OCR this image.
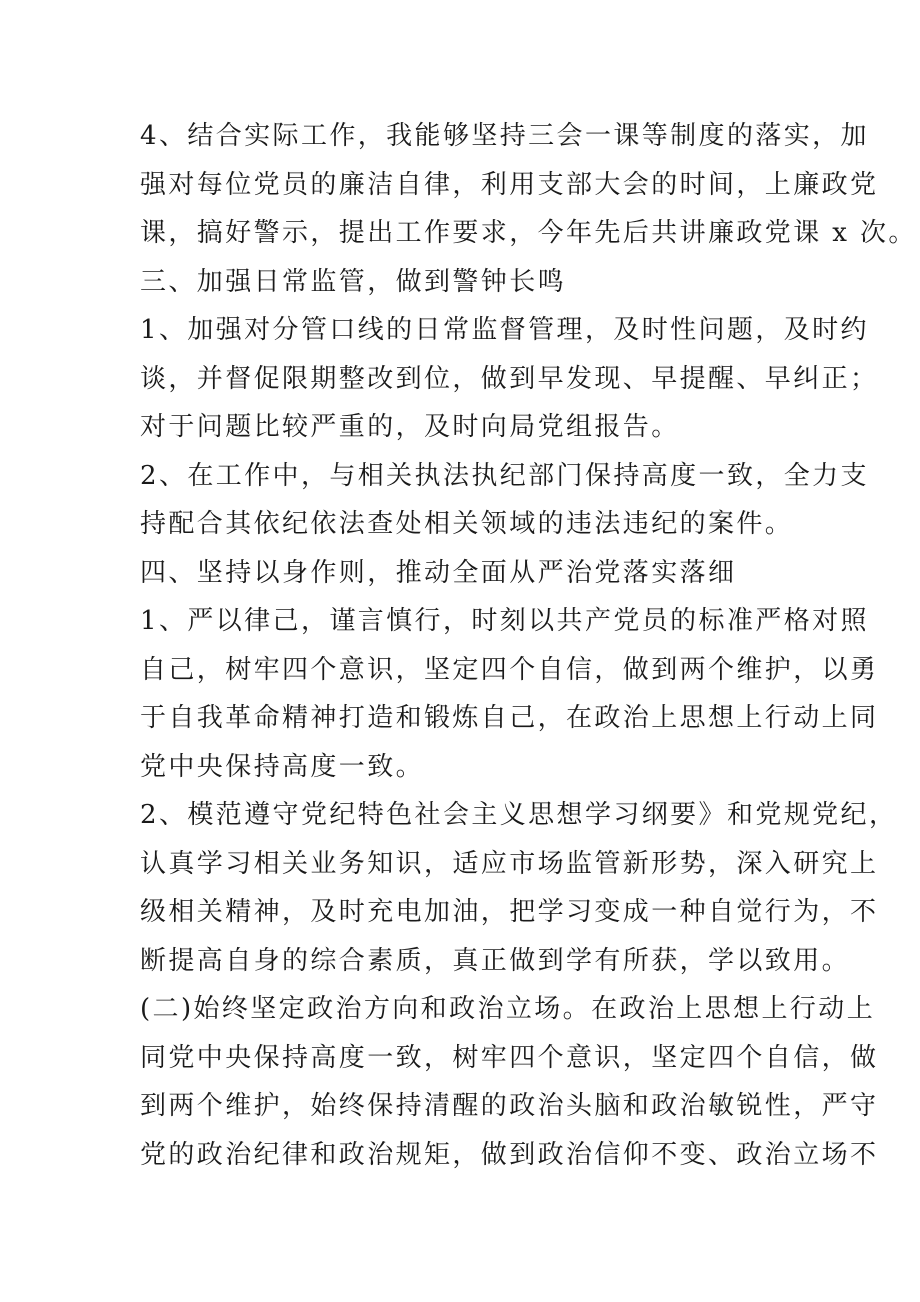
4、结合实际工作，我能够坚持三会一课等制度的落实，加
强对每位党员的廉洁自律，利用支部大会的时间，上廉政党
课，搞好警示，提出工作要求，今年先后共讲廉政党课 x 次。
三、加强日常监管，做到警钟长鸣
1、加强对分管口线的日常监督管理，及时性问题，及时约
谈，并督促限期整改到位，做到早发现、早提醒、早纠正；
对于问题比较严重的，及时向局党组报告。
2、在工作中，与相关执法执纪部门保持高度一致，全力支
持配合其依纪依法查处相关领域的违法违纪的案件。
四、坚持以身作则，推动全面从严治党落实落细
1、严以律己，谨言慎行，时刻以共产党员的标准严格对照
自己，树牢四个意识，坚定四个自信，做到两个维护，以勇
于自我革命精神打造和锻炼自己，在政治上思想上行动上同
党中央保持高度一致。
2、模范遵守党纪特色社会主义思想学习纲要》和党规党纪，
认真学习相关业务知识，适应市场监管新形势，深入研究上
级相关精神，及时充电加油，把学习变成一种自觉行为，不
断提高自身的综合素质，真正做到学有所获，学以致用。
(二)始终坚定政治方向和政治立场。在政治上思想上行动上
同党中央保持高度一致，树牢四个意识，坚定四个自信，做
到两个维护，始终保持清醒的政治头脑和政治敏锐性，严守
党的政治纪律和政治规矩，做到政治信仰不变、政治立场不
